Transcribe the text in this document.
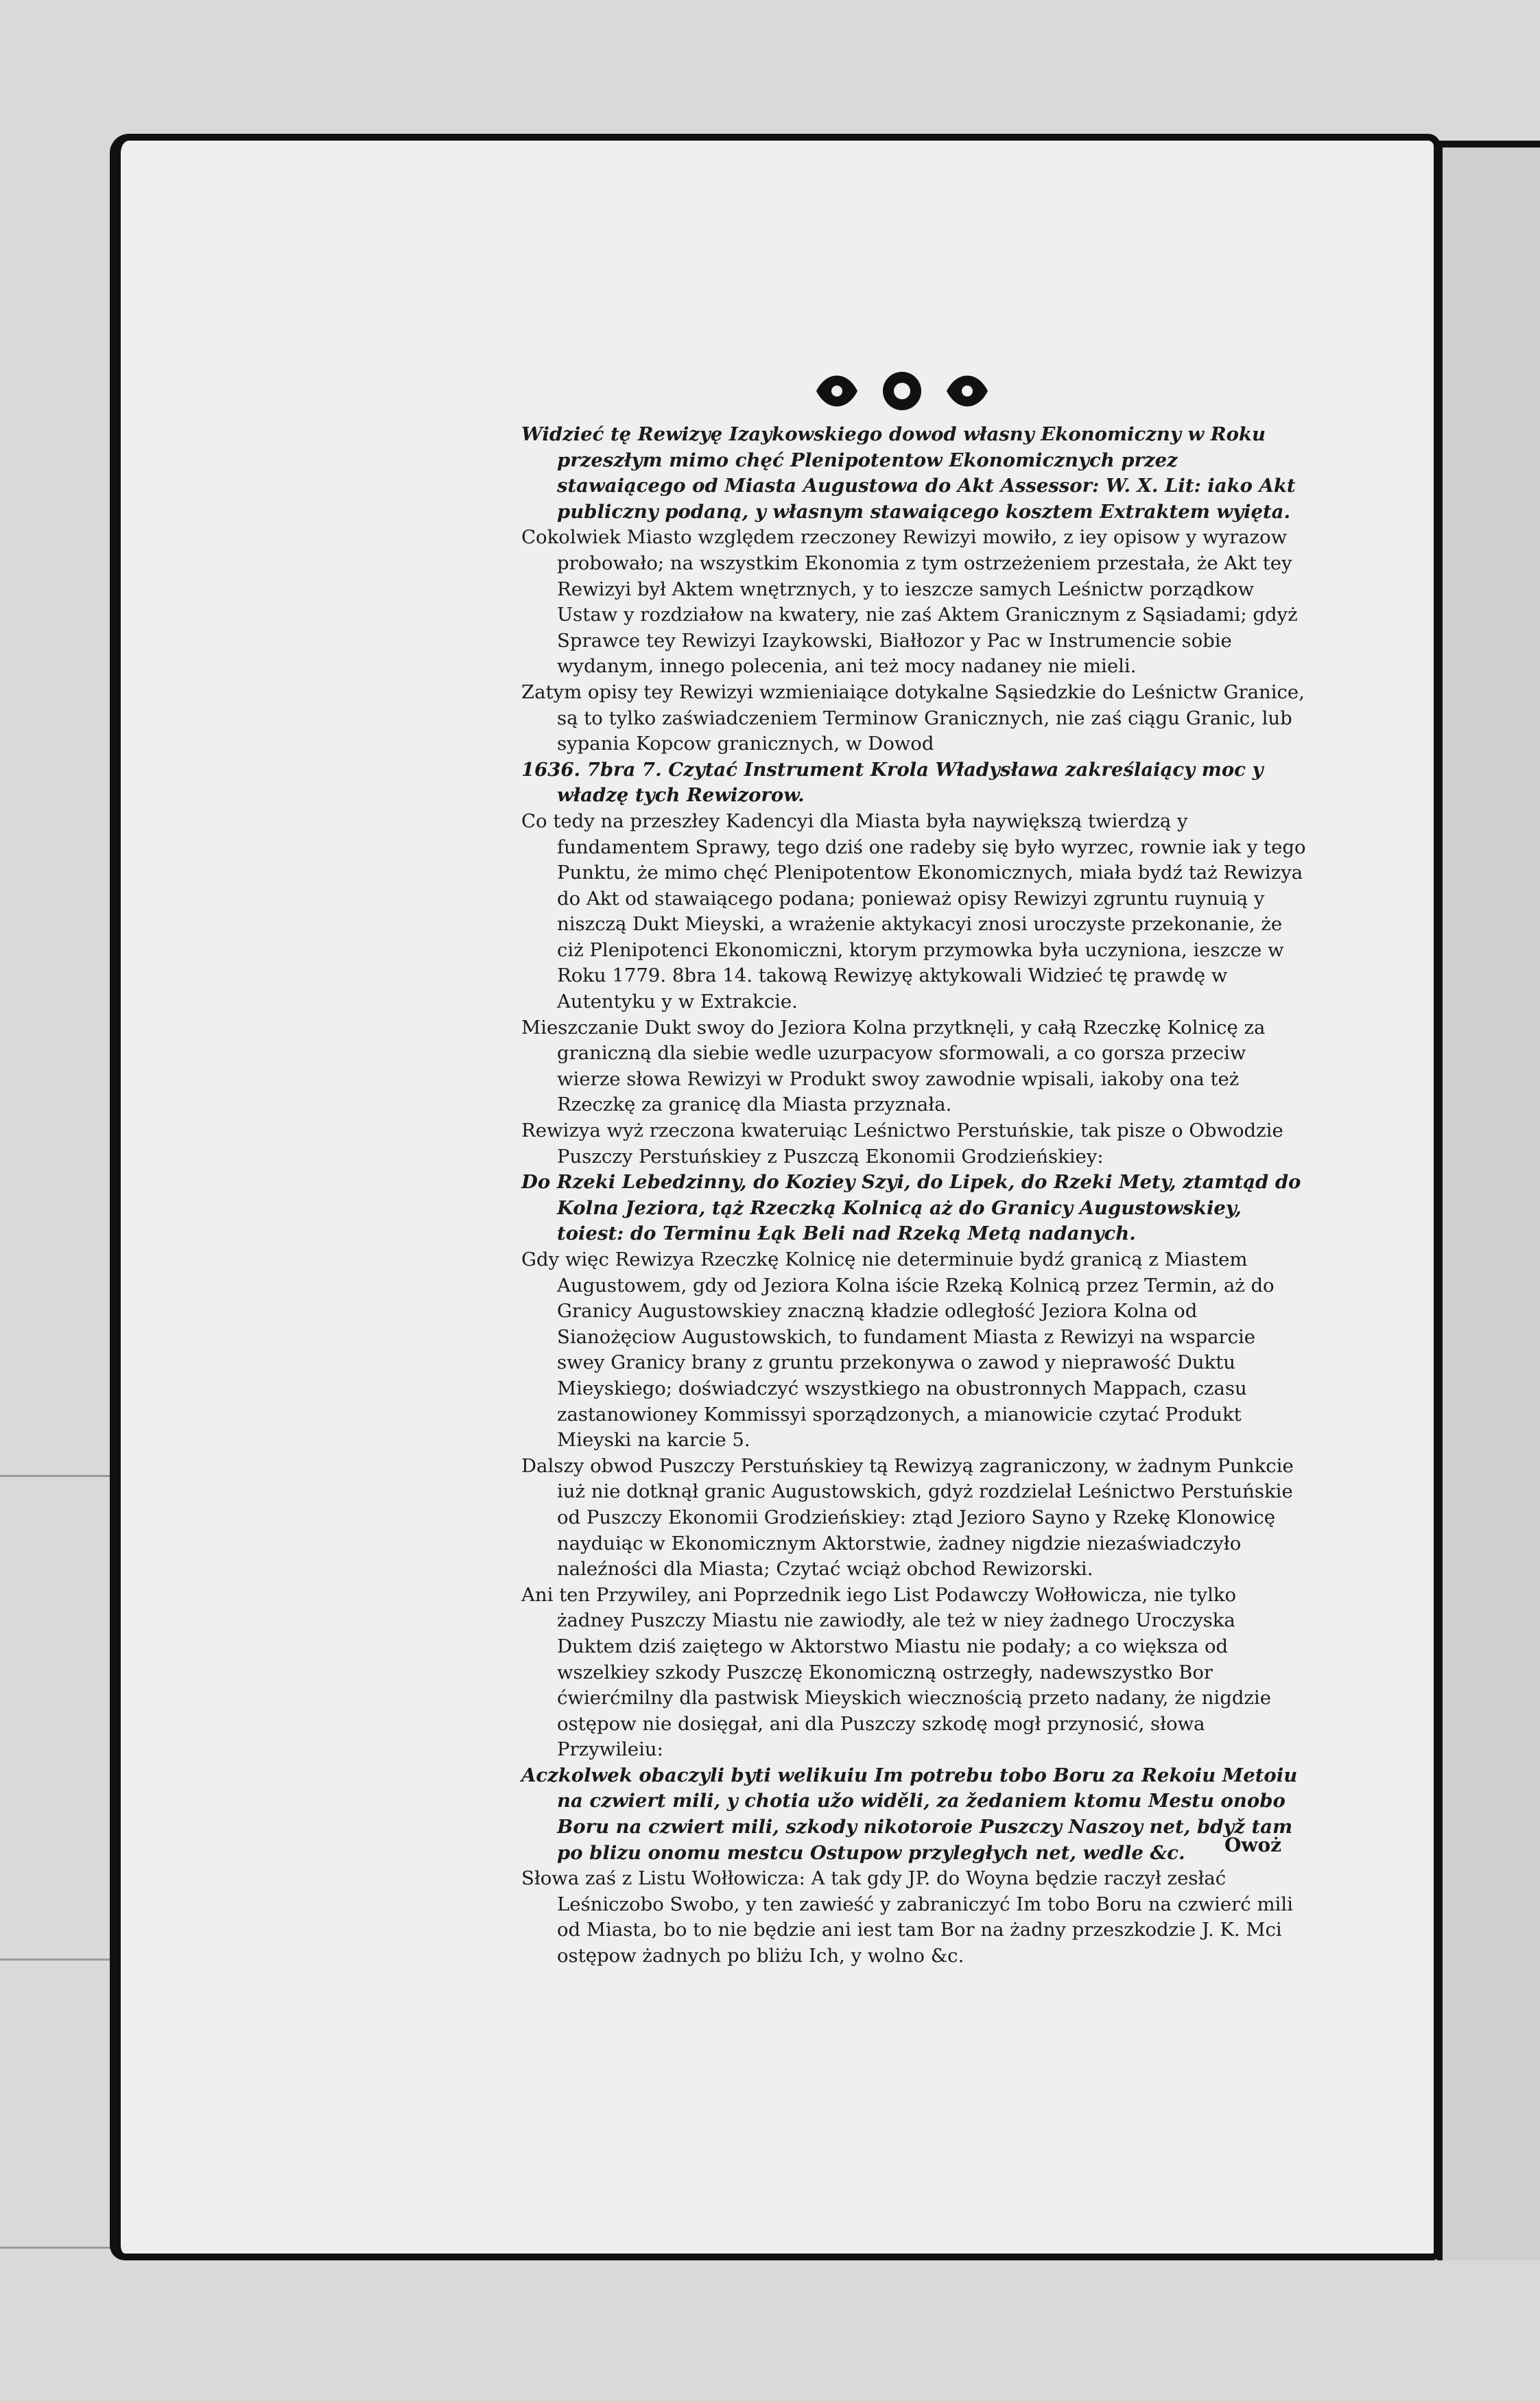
Widzieć tę Rewizyę Izaykowskiego dowod własny Ekonomiczny w Roku przeszłym mimo chęć Plenipotentow Ekonomicznych przez stawaiącego od Miasta Augustowa do Akt Assessor: W. X. Lit: iako Akt publiczny podaną, y własnym stawaiącego kosztem Extraktem wyięta.

Cokolwiek Miasto względem rzeczoney Rewizyi mowiło, z iey opisow y wyrazow probowało; na wszystkim Ekonomia z tym ostrzeżeniem przestała, że Akt tey Rewizyi był Aktem wnętrznych, y to ieszcze samych Leśnictw porządkow Ustaw y rozdziałow na kwatery, nie zaś Aktem Granicznym z Sąsiadami; gdyż Sprawce tey Rewizyi Izaykowski, Białłozor y Pac w Instrumencie sobie wydanym, innego polecenia, ani też mocy nadaney nie mieli.

Zatym opisy tey Rewizyi wzmieniaiące dotykalne Sąsiedzkie do Leśnictw Granice, są to tylko zaświadczeniem Terminow Granicznych, nie zaś ciągu Granic, lub sypania Kopcow granicznych, w Dowod

1636. 7bra 7. Czytać Instrument Krola Władysława zakreślaiący moc y władzę tych Rewizorow.

Co tedy na przeszłey Kadencyi dla Miasta była naywiększą twierdzą y fundamentem Sprawy, tego dziś one radeby się było wyrzec, rownie iak y tego Punktu, że mimo chęć Plenipotentow Ekonomicznych, miała bydź taż Rewizya do Akt od stawaiącego podana; ponieważ opisy Rewizyi zgruntu ruynuią y niszczą Dukt Mieyski, a wrażenie aktykacyi znosi uroczyste przekonanie, że ciż Plenipotenci Ekonomiczni, ktorym przymowka była uczyniona, ieszcze w Roku 1779. 8bra 14. takową Rewizyę aktykowali Widzieć tę prawdę w Autentyku y w Extrakcie.

Mieszczanie Dukt swoy do Jeziora Kolna przytknęli, y całą Rzeczkę Kolnicę za graniczną dla siebie wedle uzurpacyow sformowali, a co gorsza przeciw wierze słowa Rewizyi w Produkt swoy zawodnie wpisali, iakoby ona też Rzeczkę za granicę dla Miasta przyznała.

Rewizya wyż rzeczona kwateruiąc Leśnictwo Perstuńskie, tak pisze o Obwodzie Puszczy Perstuńskiey z Puszczą Ekonomii Grodzieńskiey:

Do Rzeki Lebedzinny, do Koziey Szyi, do Lipek, do Rzeki Mety, ztamtąd do Kolna Jeziora, tąż Rzeczką Kolnicą aż do Granicy Augustowskiey, toiest: do Terminu Łąk Beli nad Rzeką Metą nadanych.

Gdy więc Rewizya Rzeczkę Kolnicę nie determinuie bydź granicą z Miastem Augustowem, gdy od Jeziora Kolna iście Rzeką Kolnicą przez Termin, aż do Granicy Augustowskiey znaczną kładzie odległość Jeziora Kolna od Sianożęciow Augustowskich, to fundament Miasta z Rewizyi na wsparcie swey Granicy brany z gruntu przekonywa o zawod y nieprawość Duktu Mieyskiego; doświadczyć wszystkiego na obustronnych Mappach, czasu zastanowioney Kommissyi sporządzonych, a mianowicie czytać Produkt Mieyski na karcie 5.

Dalszy obwod Puszczy Perstuńskiey tą Rewizyą zagraniczony, w żadnym Punkcie iuż nie dotknął granic Augustowskich, gdyż rozdzielał Leśnictwo Perstuńskie od Puszczy Ekonomii Grodzieńskiey: ztąd Jezioro Sayno y Rzekę Klonowicę nayduiąc w Ekonomicznym Aktorstwie, żadney nigdzie niezaświadczyło naleźności dla Miasta; Czytać wciąż obchod Rewizorski.

Ani ten Przywiley, ani Poprzednik iego List Podawczy Wołłowicza, nie tylko żadney Puszczy Miastu nie zawiodły, ale też w niey żadnego Uroczyska Duktem dziś zaiętego w Aktorstwo Miastu nie podały; a co większa od wszelkiey szkody Puszczę Ekonomiczną ostrzegły, nadewszystko Bor ćwierćmilny dla pastwisk Mieyskich wiecznością przeto nadany, że nigdzie ostępow nie dosięgał, ani dla Puszczy szkodę mogł przynosić, słowa Przywileiu:

Aczkolwek obaczyli byti welikuiu Im potrebu tobo Boru za Rekoiu Metoiu na czwiert mili, y chotia užo widěli, za žedaniem ktomu Mestu onobo Boru na czwiert mili, szkody nikotoroie Puszczy Naszoy net, bdyž tam po blizu onomu mestcu Ostupow przyległych net, wedle &c.

Słowa zaś z Listu Wołłowicza: A tak gdy JP. do Woyna będzie raczył zesłać Leśniczobo Swobo, y ten zawieść y zabraniczyć Im tobo Boru na czwierć mili od Miasta, bo to nie będzie ani iest tam Bor na żadny przeszkodzie J. K. Mci ostępow żadnych po bliżu Ich, y wolno &c.

Owoż
